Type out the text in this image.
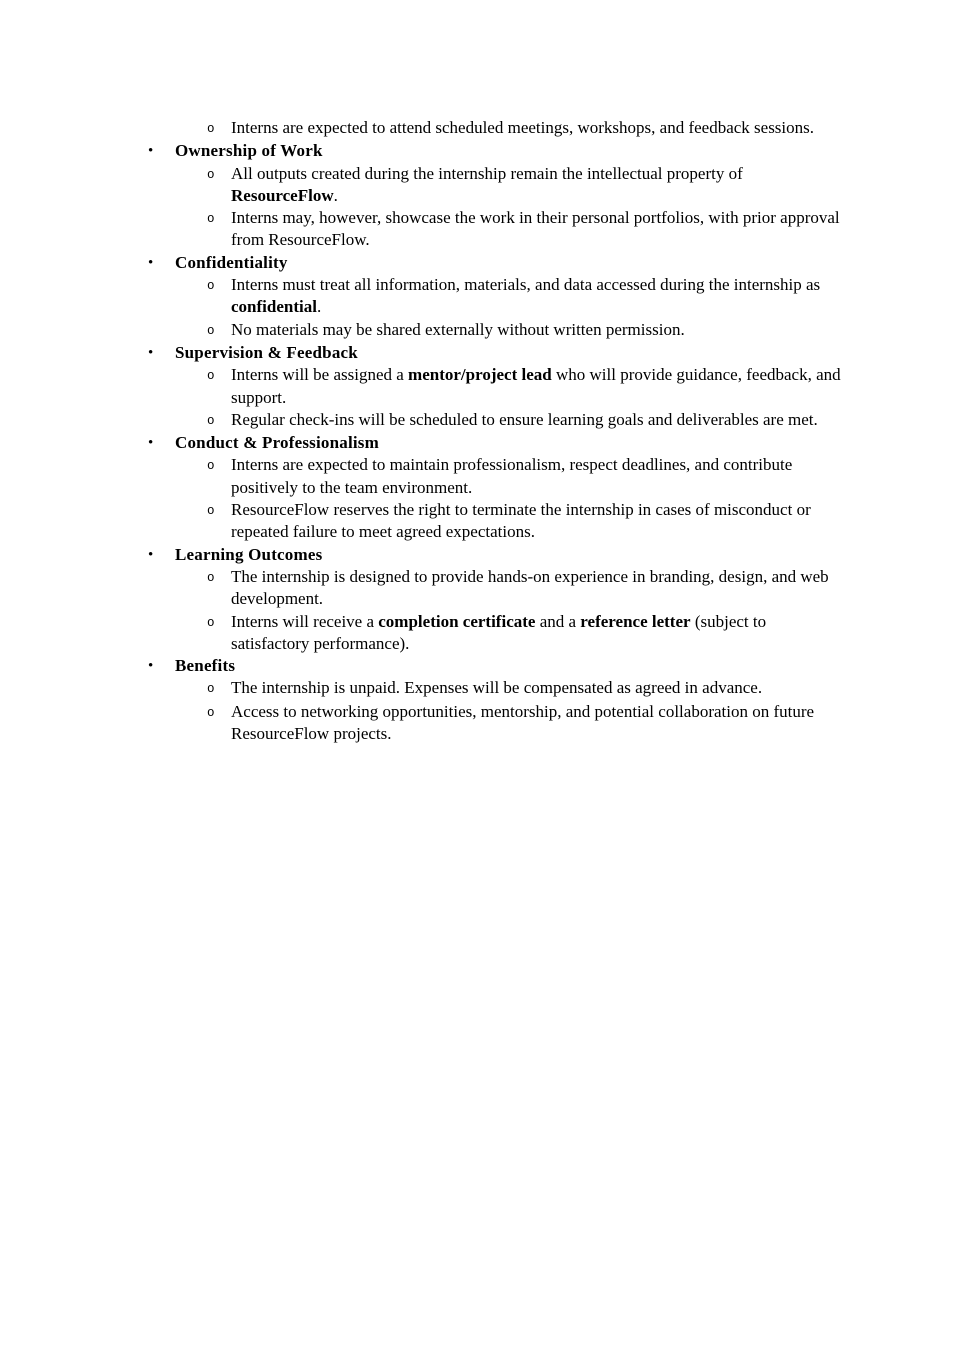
o Interns are expected to attend scheduled meetings, workshops, and feedback sessions.
•	Ownership of Work
o All outputs created during the internship remain the intellectual property of ResourceFlow.
o Interns may, however, showcase the work in their personal portfolios, with prior approval from ResourceFlow.
•	Confidentiality
o Interns must treat all information, materials, and data accessed during the internship as confidential.
o No materials may be shared externally without written permission.
•	Supervision & Feedback
o Interns will be assigned a mentor/project lead who will provide guidance, feedback, and support.
o Regular check-ins will be scheduled to ensure learning goals and deliverables are met.
•	Conduct & Professionalism
o Interns are expected to maintain professionalism, respect deadlines, and contribute positively to the team environment.
o ResourceFlow reserves the right to terminate the internship in cases of misconduct or repeated failure to meet agreed expectations.
•	Learning Outcomes
o The internship is designed to provide hands-on experience in branding, design, and web development.
o Interns will receive a completion certificate and a reference letter (subject to satisfactory performance).
•	Benefits
o The internship is unpaid. Expenses will be compensated as agreed in advance.
o Access to networking opportunities, mentorship, and potential collaboration on future ResourceFlow projects.
